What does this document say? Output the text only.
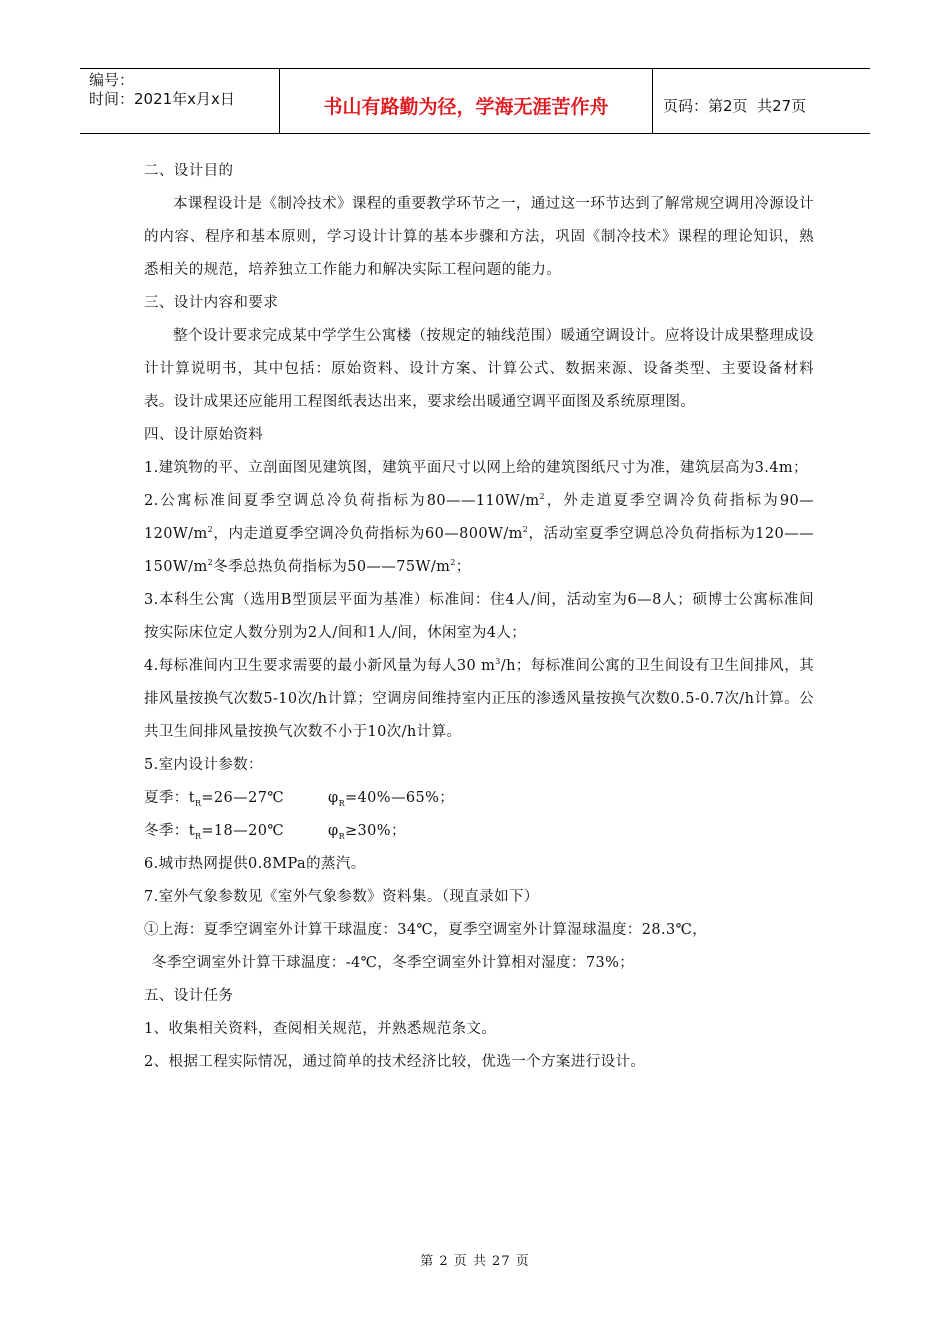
编号：
时间：2021年x月x日	书山有路勤为径，学海无涯苦作舟	页码：第2页  共27页

二、设计目的

本课程设计是《制冷技术》课程的重要教学环节之一，通过这一环节达到了解常规空调用冷源设计的内容、程序和基本原则，学习设计计算的基本步骤和方法，巩固《制冷技术》课程的理论知识，熟悉相关的规范，培养独立工作能力和解决实际工程问题的能力。

三、设计内容和要求

整个设计要求完成某中学学生公寓楼（按规定的轴线范围）暖通空调设计。应将设计成果整理成设计计算说明书，其中包括：原始资料、设计方案、计算公式、数据来源、设备类型、主要设备材料表。设计成果还应能用工程图纸表达出来，要求绘出暖通空调平面图及系统原理图。

四、设计原始资料

1.建筑物的平、立剖面图见建筑图，建筑平面尺寸以网上给的建筑图纸尺寸为准，建筑层高为3.4m；

2.公寓标准间夏季空调总冷负荷指标为$80——110W/m^2$，外走道夏季空调冷负荷指标为$90—120W/m^2$，内走道夏季空调冷负荷指标为$60—800W/m^2$，活动室夏季空调总冷负荷指标为$120——150W/m^2$冬季总热负荷指标为$50——75W/m^2$；

3.本科生公寓（选用B型顶层平面为基准）标准间：住4人/间，活动室为6—8人；硕博士公寓标准间按实际床位定人数分别为2人/间和1人/间，休闲室为4人；

4.每标准间内卫生要求需要的最小新风量为每人30 $m^3/h$；每标准间公寓的卫生间设有卫生间排风，其排风量按换气次数5-10次/h计算；空调房间维持室内正压的渗透风量按换气次数0.5-0.7次/h计算。公共卫生间排风量按换气次数不小于10次/h计算。

5.室内设计参数：

夏季：$t_R=26—27℃$	$\varphi_R=40\%—65\%$；
冬季：$t_R=18—20℃$	$\varphi_R\ge 30\%$；

6.城市热网提供0.8MPa的蒸汽。

7.室外气象参数见《室外气象参数》资料集。（现直录如下）

①上海：夏季空调室外计算干球温度：34℃，夏季空调室外计算湿球温度：28.3℃，

冬季空调室外计算干球温度：-4℃，冬季空调室外计算相对湿度：73%；

五、设计任务

1、收集相关资料，查阅相关规范，并熟悉规范条文。

2、根据工程实际情况，通过简单的技术经济比较，优选一个方案进行设计。

第 2 页 共 27 页
